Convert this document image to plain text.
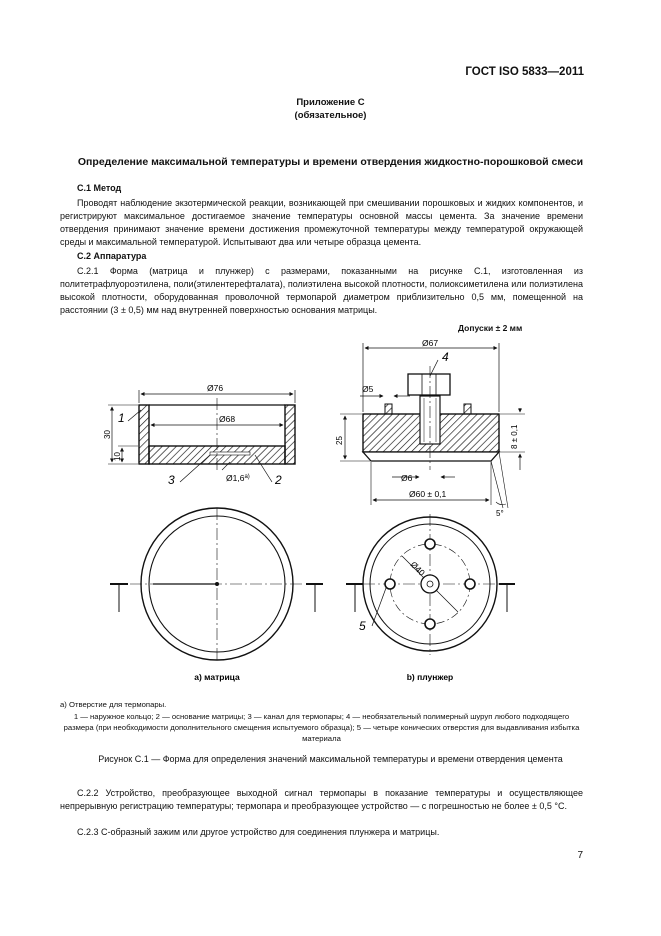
ГОСТ ISO 5833—2011
Приложение С
(обязательное)
Определение максимальной температуры и времени отвердения жидкостно-порошковой смеси
С.1 Метод
Проводят наблюдение экзотермической реакции, возникающей при смешивании порошковых и жидких компонентов, и регистрируют максимальное достигаемое значение температуры основной массы цемента. За значение времени отвердения принимают значение времени достижения промежуточной температуры между температурой окружающей среды и максимальной температурой. Испытывают два или четыре образца цемента.
С.2 Аппаратура
С.2.1 Форма (матрица и плунжер) с размерами, показанными на рисунке С.1, изготовленная из политетрафлуороэтилена, поли(этилентерефталата), полиэтилена высокой плотности, полиоксиметилена или полиэтилена высокой плотности, оборудованная проволочной термопарой диаметром приблизительно 0,5 мм, помещенной на расстоянии (3 ± 0,5) мм над внутренней поверхностью основания матрицы.
Допуски ± 2 мм
Ø76
Ø68
30
10
Ø1,6$^{a)}$
1
3	2
Ø67
Ø5
25
Ø6
Ø60 ± 0,1
8 ± 0,1
5°
4
а) матрица
Ø40
5
b) плунжер
а) Отверстие для термопары.
1 — наружное кольцо; 2 — основание матрицы; 3 — канал для термопары; 4 — необязательный полимерный шуруп любого подходящего размера (при необходимости дополнительного смещения испытуемого образца); 5 — четыре конических отверстия для выдавливания избытка материала
Рисунок С.1 — Форма для определения значений максимальной температуры и времени отвердения цемента
С.2.2 Устройство, преобразующее выходной сигнал термопары в показание температуры и осуществляющее непрерывную регистрацию температуры; термопара и преобразующее устройство — с погрешностью не более ± 0,5 °С.
С.2.3 С-образный зажим или другое устройство для соединения плунжера и матрицы.
7
